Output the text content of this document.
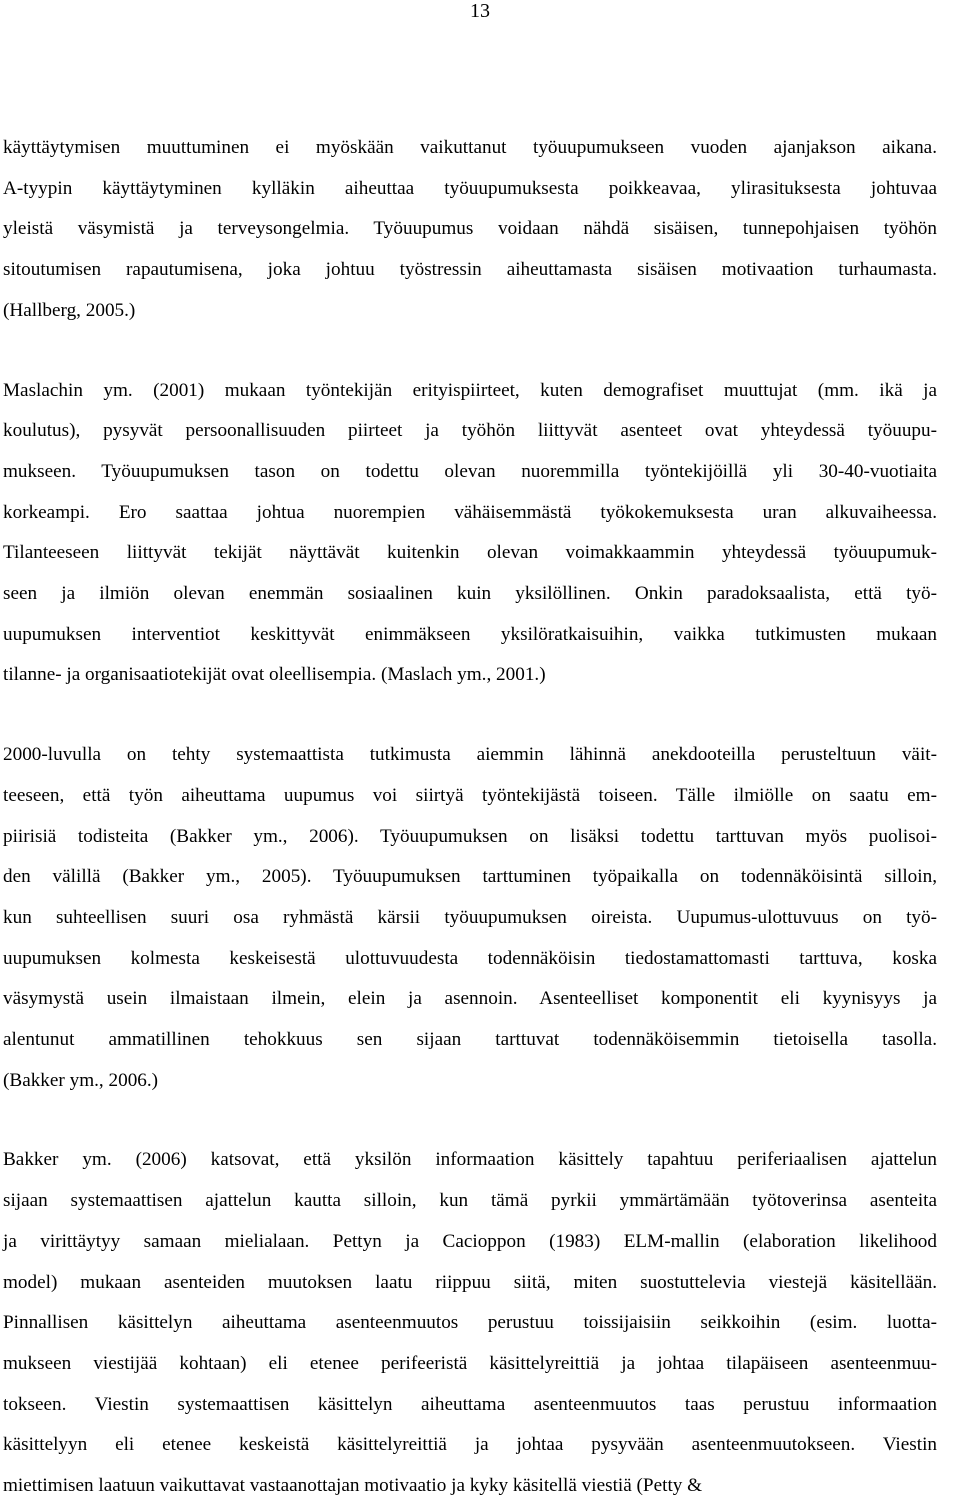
13
käyttäytymisen muuttuminen ei myöskään vaikuttanut työuupumukseen vuoden ajanjakson aikana.
A-tyypin käyttäytyminen kylläkin aiheuttaa työuupumuksesta poikkeavaa, ylirasituksesta johtuvaa
yleistä väsymistä ja terveysongelmia. Työuupumus voidaan nähdä sisäisen, tunnepohjaisen työhön
sitoutumisen rapautumisena, joka johtuu työstressin aiheuttamasta sisäisen motivaation turhaumasta.
(Hallberg, 2005.)
Maslachin ym. (2001) mukaan työntekijän erityispiirteet, kuten demografiset muuttujat (mm. ikä ja
koulutus), pysyvät persoonallisuuden piirteet ja työhön liittyvät asenteet ovat yhteydessä työuupu-
mukseen. Työuupumuksen tason on todettu olevan nuoremmilla työntekijöillä yli 30-40-vuotiaita
korkeampi. Ero saattaa johtua nuorempien vähäisemmästä työkokemuksesta uran alkuvaiheessa.
Tilanteeseen liittyvät tekijät näyttävät kuitenkin olevan voimakkaammin yhteydessä työuupumuk-
seen ja ilmiön olevan enemmän sosiaalinen kuin yksilöllinen. Onkin paradoksaalista, että työ-
uupumuksen interventiot keskittyvät enimmäkseen yksilöratkaisuihin, vaikka tutkimusten mukaan
tilanne- ja organisaatiotekijät ovat oleellisempia. (Maslach ym., 2001.)
2000-luvulla on tehty systemaattista tutkimusta aiemmin lähinnä anekdooteilla perusteltuun väit-
teeseen, että työn aiheuttama uupumus voi siirtyä työntekijästä toiseen. Tälle ilmiölle on saatu em-
piirisiä todisteita (Bakker ym., 2006). Työuupumuksen on lisäksi todettu tarttuvan myös puolisoi-
den välillä (Bakker ym., 2005). Työuupumuksen tarttuminen työpaikalla on todennäköisintä silloin,
kun suhteellisen suuri osa ryhmästä kärsii työuupumuksen oireista. Uupumus-ulottuvuus on työ-
uupumuksen kolmesta keskeisestä ulottuvuudesta todennäköisin tiedostamattomasti tarttuva, koska
väsymystä usein ilmaistaan ilmein, elein ja asennoin. Asenteelliset komponentit eli kyynisyys ja
alentunut ammatillinen tehokkuus sen sijaan tarttuvat todennäköisemmin tietoisella tasolla.
(Bakker ym., 2006.)
Bakker ym. (2006) katsovat, että yksilön informaation käsittely tapahtuu periferiaalisen ajattelun
sijaan systemaattisen ajattelun kautta silloin, kun tämä pyrkii ymmärtämään työtoverinsa asenteita
ja virittäytyy samaan mielialaan. Pettyn ja Cacioppon (1983) ELM-mallin (elaboration likelihood
model) mukaan asenteiden muutoksen laatu riippuu siitä, miten suostuttelevia viestejä käsitellään.
Pinnallisen käsittelyn aiheuttama asenteenmuutos perustuu toissijaisiin seikkoihin (esim. luotta-
mukseen viestijää kohtaan) eli etenee perifeeristä käsittelyreittiä ja johtaa tilapäiseen asenteenmuu-
tokseen. Viestin systemaattisen käsittelyn aiheuttama asenteenmuutos taas perustuu informaation
käsittelyyn eli etenee keskeistä käsittelyreittiä ja johtaa pysyvään asenteenmuutokseen. Viestin
miettimisen laatuun vaikuttavat vastaanottajan motivaatio ja kyky käsitellä viestiä (Petty &
